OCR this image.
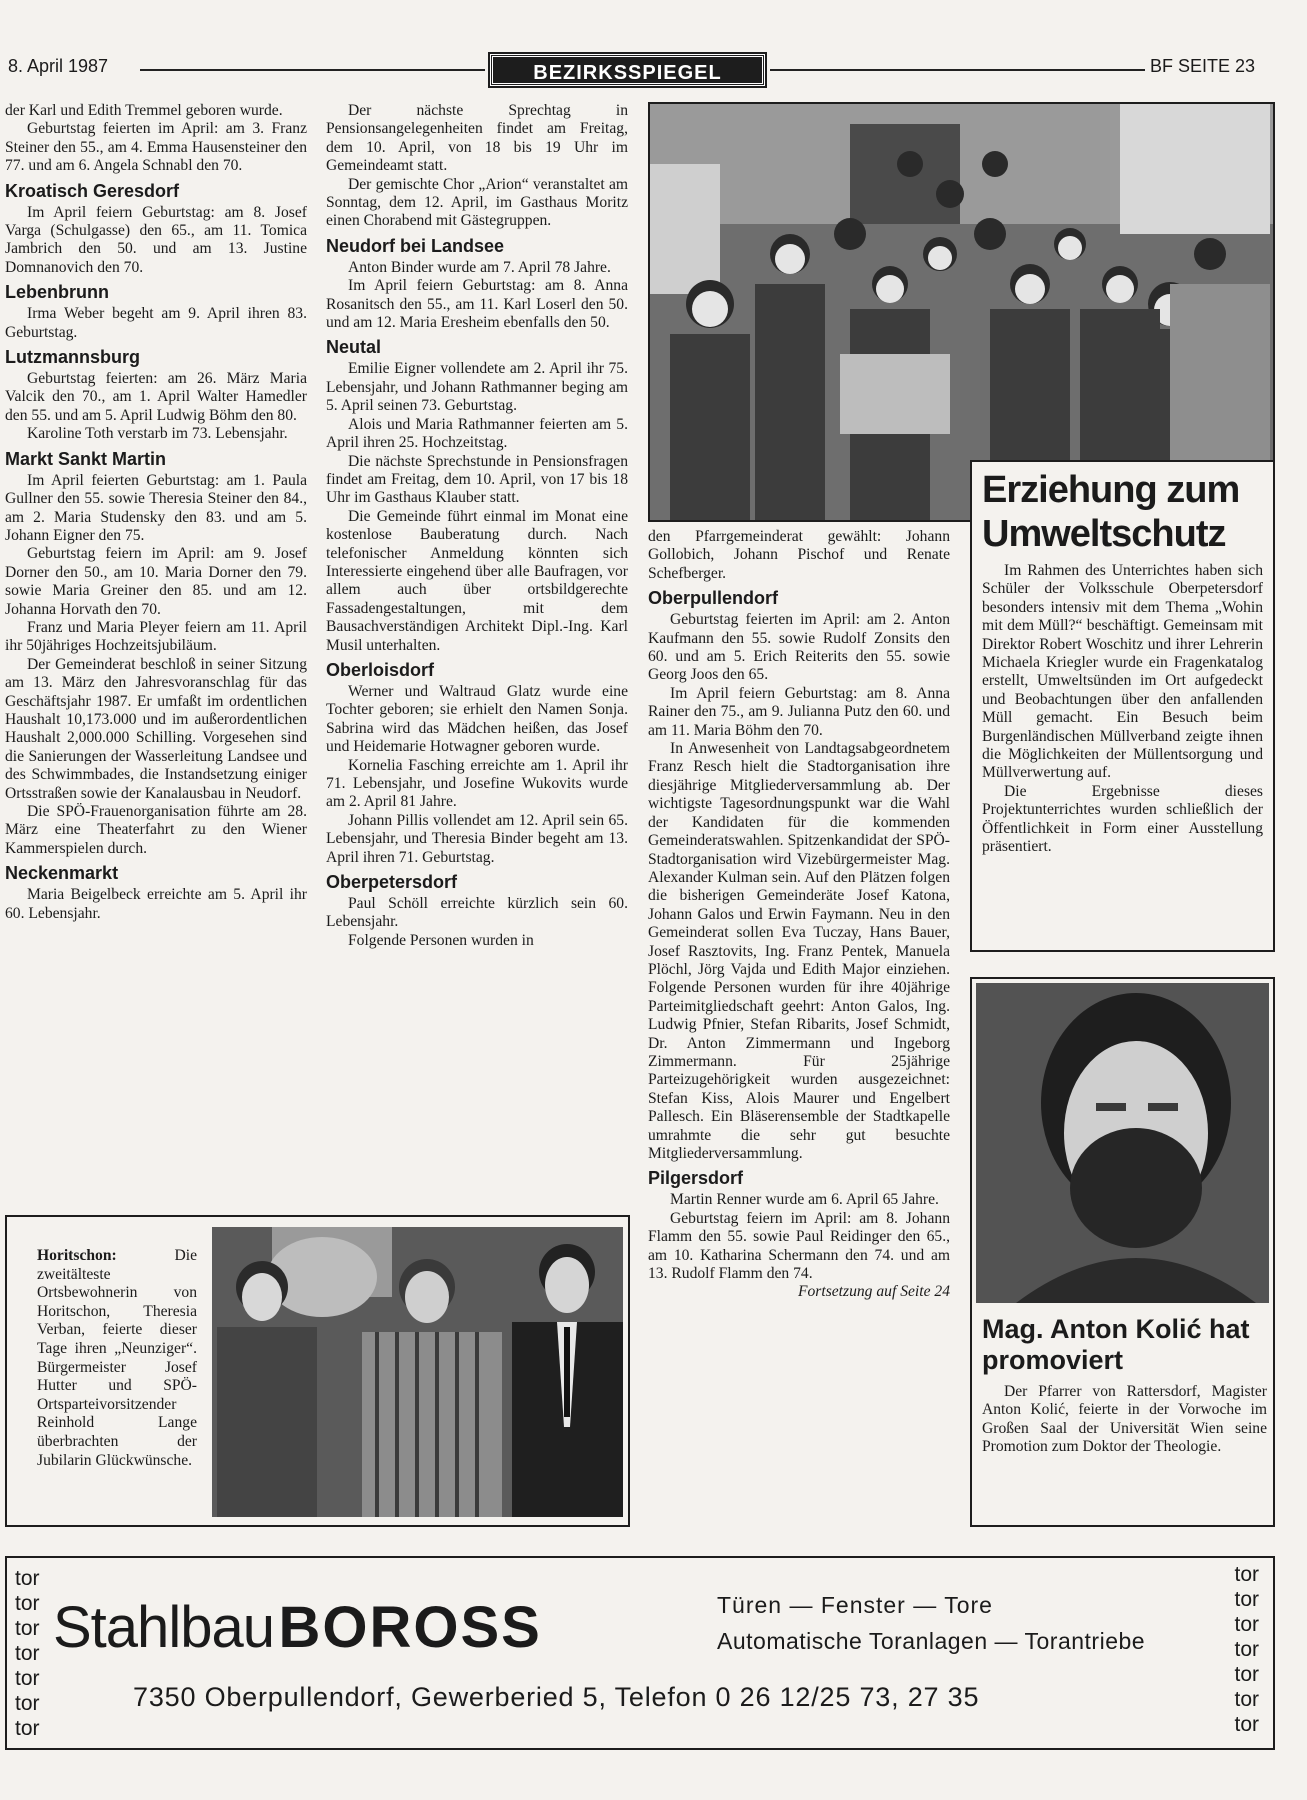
8. April 1987	BEZIRKSSPIEGEL	BF SEITE 23

der Karl und Edith Tremmel geboren wurde.

Geburtstag feierten im April: am 3. Franz Steiner den 55., am 4. Emma Hausensteiner den 77. und am 6. Angela Schnabl den 70.

Kroatisch Geresdorf

Im April feiern Geburtstag: am 8. Josef Varga (Schulgasse) den 65., am 11. Tomica Jambrich den 50. und am 13. Justine Domnanovich den 70.

Lebenbrunn

Irma Weber begeht am 9. April ihren 83. Geburtstag.

Lutzmannsburg

Geburtstag feierten: am 26. März Maria Valcik den 70., am 1. April Walter Hamedler den 55. und am 5. April Ludwig Böhm den 80.

Karoline Toth verstarb im 73. Lebensjahr.

Markt Sankt Martin

Im April feierten Geburtstag: am 1. Paula Gullner den 55. sowie Theresia Steiner den 84., am 2. Maria Studensky den 83. und am 5. Johann Eigner den 75.

Geburtstag feiern im April: am 9. Josef Dorner den 50., am 10. Maria Dorner den 79. sowie Maria Greiner den 85. und am 12. Johanna Horvath den 70.

Franz und Maria Pleyer feiern am 11. April ihr 50jähriges Hochzeitsjubiläum.

Der Gemeinderat beschloß in seiner Sitzung am 13. März den Jahresvoranschlag für das Geschäftsjahr 1987. Er umfaßt im ordentlichen Haushalt 10,173.000 und im außerordentlichen Haushalt 2,000.000 Schilling. Vorgesehen sind die Sanierungen der Wasserleitung Landsee und des Schwimmbades, die Instandsetzung einiger Ortsstraßen sowie der Kanalausbau in Neudorf.

Die SPÖ-Frauenorganisation führte am 28. März eine Theaterfahrt zu den Wiener Kammerspielen durch.

Neckenmarkt

Maria Beigelbeck erreichte am 5. April ihr 60. Lebensjahr.

Der nächste Sprechtag in Pensionsangelegenheiten findet am Freitag, dem 10. April, von 18 bis 19 Uhr im Gemeindeamt statt.

Der gemischte Chor „Arion“ veranstaltet am Sonntag, dem 12. April, im Gasthaus Moritz einen Chorabend mit Gästegruppen.

Neudorf bei Landsee

Anton Binder wurde am 7. April 78 Jahre.

Im April feiern Geburtstag: am 8. Anna Rosanitsch den 55., am 11. Karl Loserl den 50. und am 12. Maria Eresheim ebenfalls den 50.

Neutal

Emilie Eigner vollendete am 2. April ihr 75. Lebensjahr, und Johann Rathmanner beging am 5. April seinen 73. Geburtstag.

Alois und Maria Rathmanner feierten am 5. April ihren 25. Hochzeitstag.

Die nächste Sprechstunde in Pensionsfragen findet am Freitag, dem 10. April, von 17 bis 18 Uhr im Gasthaus Klauber statt.

Die Gemeinde führt einmal im Monat eine kostenlose Bauberatung durch. Nach telefonischer Anmeldung könnten sich Interessierte eingehend über alle Baufragen, vor allem auch über ortsbildgerechte Fassadengestaltungen, mit dem Bausachverständigen Architekt Dipl.-Ing. Karl Musil unterhalten.

Oberloisdorf

Werner und Waltraud Glatz wurde eine Tochter geboren; sie erhielt den Namen Sonja. Sabrina wird das Mädchen heißen, das Josef und Heidemarie Hotwagner geboren wurde.

Kornelia Fasching erreichte am 1. April ihr 71. Lebensjahr, und Josefine Wukovits wurde am 2. April 81 Jahre.

Johann Pillis vollendet am 12. April sein 65. Lebensjahr, und Theresia Binder begeht am 13. April ihren 71. Geburtstag.

Oberpetersdorf

Paul Schöll erreichte kürzlich sein 60. Lebensjahr.

Folgende Personen wurden in

den Pfarrgemeinderat gewählt: Johann Gollobich, Johann Pischof und Renate Schefberger.

Oberpullendorf

Geburtstag feierten im April: am 2. Anton Kaufmann den 55. sowie Rudolf Zonsits den 60. und am 5. Erich Reiterits den 55. sowie Georg Joos den 65.

Im April feiern Geburtstag: am 8. Anna Rainer den 75., am 9. Julianna Putz den 60. und am 11. Maria Böhm den 70.

In Anwesenheit von Landtagsabgeordnetem Franz Resch hielt die Stadtorganisation ihre diesjährige Mitgliederversammlung ab. Der wichtigste Tagesordnungspunkt war die Wahl der Kandidaten für die kommenden Gemeinderatswahlen. Spitzenkandidat der SPÖ-Stadtorganisation wird Vizebürgermeister Mag. Alexander Kulman sein. Auf den Plätzen folgen die bisherigen Gemeinderäte Josef Katona, Johann Galos und Erwin Faymann. Neu in den Gemeinderat sollen Eva Tuczay, Hans Bauer, Josef Rasztovits, Ing. Franz Pentek, Manuela Plöchl, Jörg Vajda und Edith Major einziehen. Folgende Personen wurden für ihre 40jährige Parteimitgliedschaft geehrt: Anton Galos, Ing. Ludwig Pfnier, Stefan Ribarits, Josef Schmidt, Dr. Anton Zimmermann und Ingeborg Zimmermann. Für 25jährige Parteizugehörigkeit wurden ausgezeichnet: Stefan Kiss, Alois Maurer und Engelbert Pallesch. Ein Bläserensemble der Stadtkapelle umrahmte die sehr gut besuchte Mitgliederversammlung.

Pilgersdorf

Martin Renner wurde am 6. April 65 Jahre.

Geburtstag feiern im April: am 8. Johann Flamm den 55. sowie Paul Reidinger den 65., am 10. Katharina Schermann den 74. und am 13. Rudolf Flamm den 74.

Fortsetzung auf Seite 24

Erziehung zum Umweltschutz

Im Rahmen des Unterrichtes haben sich Schüler der Volksschule Oberpetersdorf besonders intensiv mit dem Thema „Wohin mit dem Müll?“ beschäftigt. Gemeinsam mit Direktor Robert Woschitz und ihrer Lehrerin Michaela Kriegler wurde ein Fragenkatalog erstellt, Umweltsünden im Ort aufgedeckt und Beobachtungen über den anfallenden Müll gemacht. Ein Besuch beim Burgenländischen Müllverband zeigte ihnen die Möglichkeiten der Müllentsorgung und Müllverwertung auf.

Die Ergebnisse dieses Projektunterrichtes wurden schließlich der Öffentlichkeit in Form einer Ausstellung präsentiert.

Mag. Anton Kolić hat promoviert
Der Pfarrer von Rattersdorf, Magister Anton Kolić, feierte in der Vorwoche im Großen Saal der Universität Wien seine Promotion zum Doktor der Theologie.
Horitschon: Die zweitälteste Ortsbewohnerin von Horitschon, Theresia Verban, feierte dieser Tage ihren „Neunziger“. Bürgermeister Josef Hutter und SPÖ-Ortsparteivorsitzender Reinhold Lange überbrachten der Jubilarin Glückwünsche.
tor
tor
tor
tor
tor
tor
tor
tor
tor
tor
tor
tor
tor
tor
Stahlbau BOROSS	Türen — Fenster — Tore
Automatische Toranlagen — Torantriebe
7350 Oberpullendorf, Gewerberied 5, Telefon 0 26 12/25 73, 27 35
